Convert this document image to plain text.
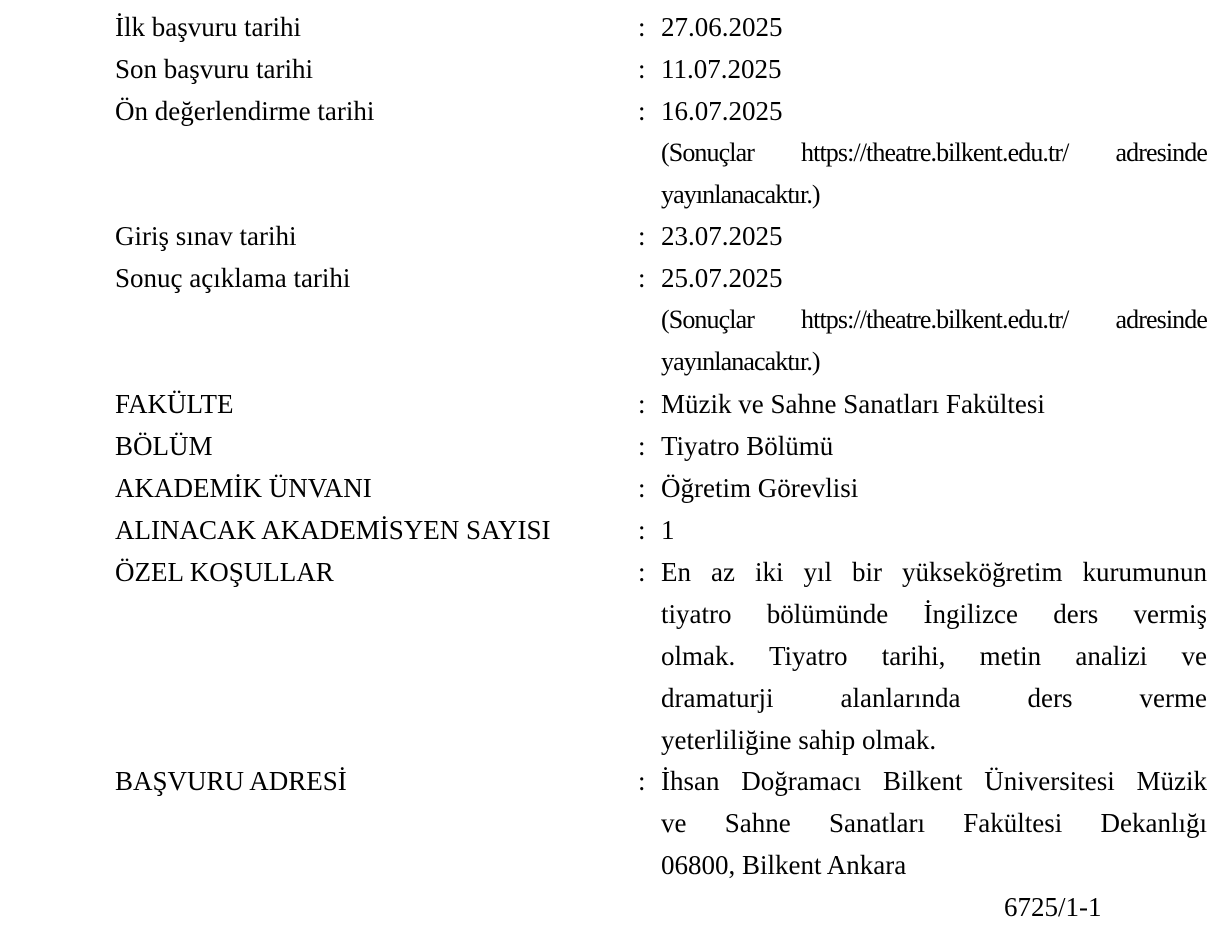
İlk başvuru tarihi	: 27.06.2025
Son başvuru tarihi	: 11.07.2025
Ön değerlendirme tarihi	: 16.07.2025
(Sonuçlar https://theatre.bilkent.edu.tr/ adresinde
yayınlanacaktır.)
Giriş sınav tarihi	: 23.07.2025
Sonuç açıklama tarihi	: 25.07.2025
(Sonuçlar https://theatre.bilkent.edu.tr/ adresinde
yayınlanacaktır.)
FAKÜLTE	: Müzik ve Sahne Sanatları Fakültesi
BÖLÜM	: Tiyatro Bölümü
AKADEMİK ÜNVANI	: Öğretim Görevlisi
ALINACAK AKADEMİSYEN SAYISI	: 1
ÖZEL KOŞULLAR	: En az iki yıl bir yükseköğretim kurumunun
tiyatro bölümünde İngilizce ders vermiş
olmak. Tiyatro tarihi, metin analizi ve
dramaturji alanlarında ders verme
yeterliliğine sahip olmak.
BAŞVURU ADRESİ	: İhsan Doğramacı Bilkent Üniversitesi Müzik
ve Sahne Sanatları Fakültesi Dekanlığı
06800, Bilkent Ankara
6725/1-1
